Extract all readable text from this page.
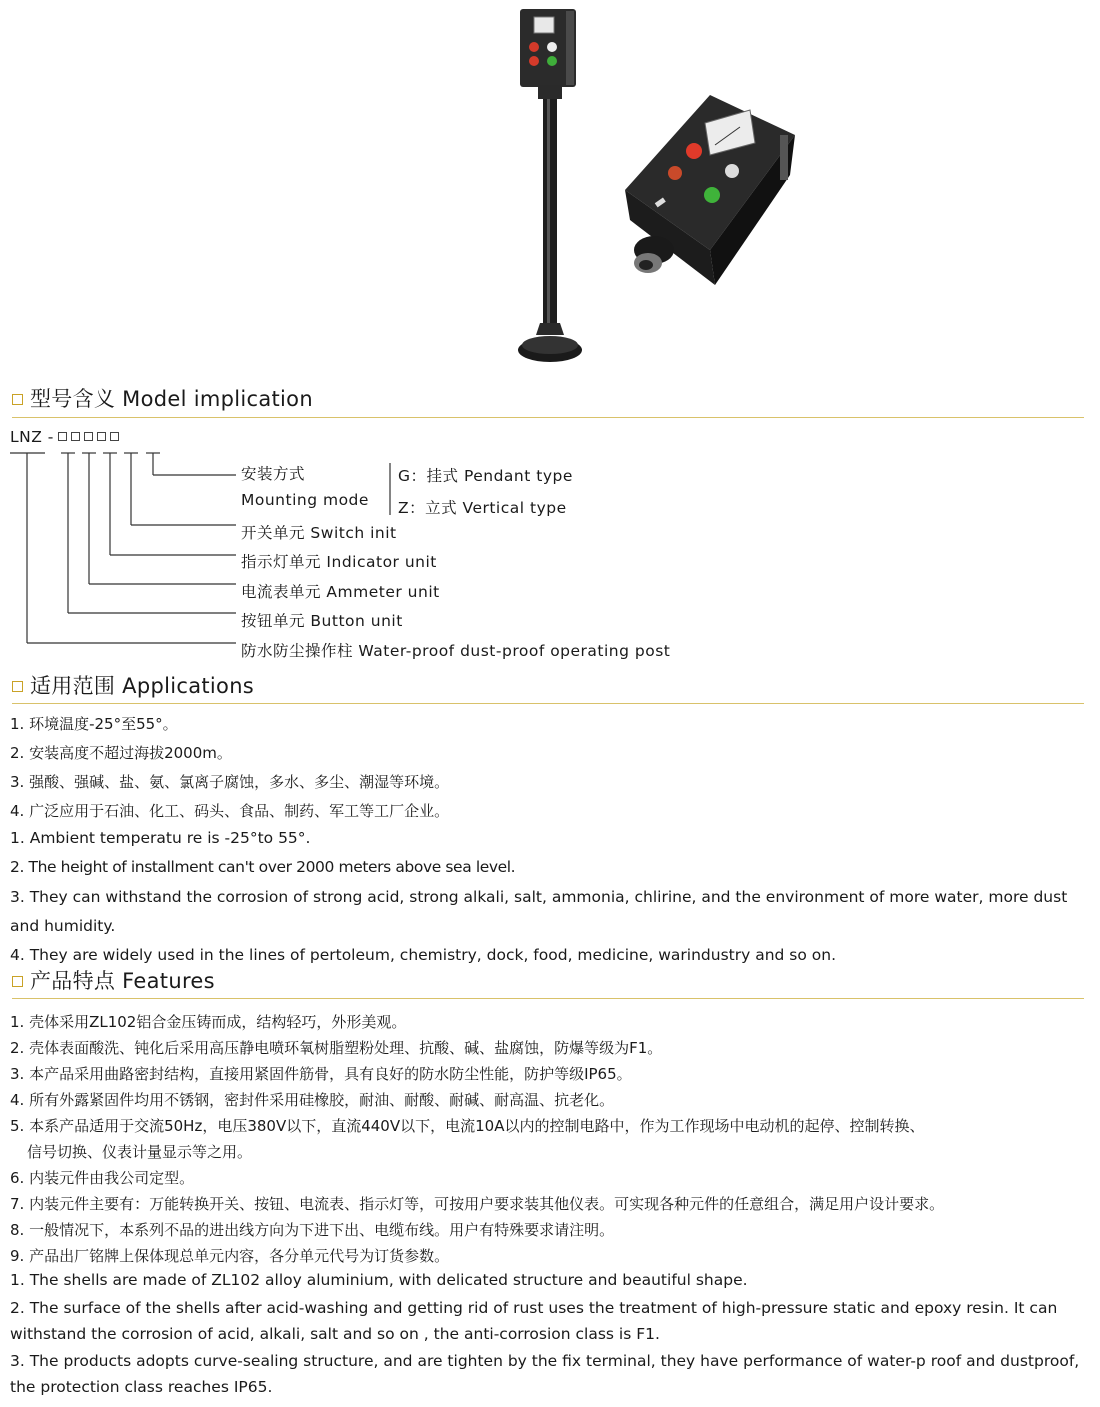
型号含义 Model implication
LNZ -
安装方式
Mounting mode
G：挂式 Pendant type
Z：立式 Vertical type
开关单元 Switch init
指示灯单元 Indicator unit
电流表单元 Ammeter unit
按钮单元 Button unit
防水防尘操作柱 Water-proof dust-proof operating post
适用范围 Applications
1. 环境温度-25°至55°。
2. 安装高度不超过海拔2000m。
3. 强酸、强碱、盐、氨、氯离子腐蚀，多水、多尘、潮湿等环境。
4. 广泛应用于石油、化工、码头、食品、制药、军工等工厂企业。
1. Ambient temperatu re is -25°to 55°.
2. The height of installment can't over 2000 meters above sea level.
3. They can withstand the corrosion of strong acid, strong alkali, salt, ammonia, chlirine, and the environment of more water, more dust and humidity.
4. They are widely used in the lines of pertoleum, chemistry, dock, food, medicine, warindustry and so on.
产品特点 Features
1. 壳体采用ZL102铝合金压铸而成，结构轻巧，外形美观。
2. 壳体表面酸洗、钝化后采用高压静电喷环氧树脂塑粉处理、抗酸、碱、盐腐蚀，防爆等级为F1。
3. 本产品采用曲路密封结构，直接用紧固件筋骨，具有良好的防水防尘性能，防护等级IP65。
4. 所有外露紧固件均用不锈钢，密封件采用硅橡胶，耐油、耐酸、耐碱、耐高温、抗老化。
5. 本系产品适用于交流50Hz，电压380V以下，直流440V以下，电流10A以内的控制电路中，作为工作现场中电动机的起停、控制转换、
信号切换、仪表计量显示等之用。
6. 内装元件由我公司定型。
7. 内装元件主要有：万能转换开关、按钮、电流表、指示灯等，可按用户要求装其他仪表。可实现各种元件的任意组合，满足用户设计要求。
8. 一般情况下，本系列不品的进出线方向为下进下出、电缆布线。用户有特殊要求请注明。
9. 产品出厂铭牌上保体现总单元内容，各分单元代号为订货参数。
1. The shells are made of ZL102 alloy aluminium, with delicated structure and beautiful shape.
2. The surface of the shells after acid-washing and getting rid of rust uses the treatment of high-pressure static and epoxy resin. It can withstand the corrosion of acid, alkali, salt and so on , the anti-corrosion class is F1.
3. The products adopts curve-sealing structure, and are tighten by the fix terminal, they have performance of water-p roof and dustproof, the protection class reaches IP65.
